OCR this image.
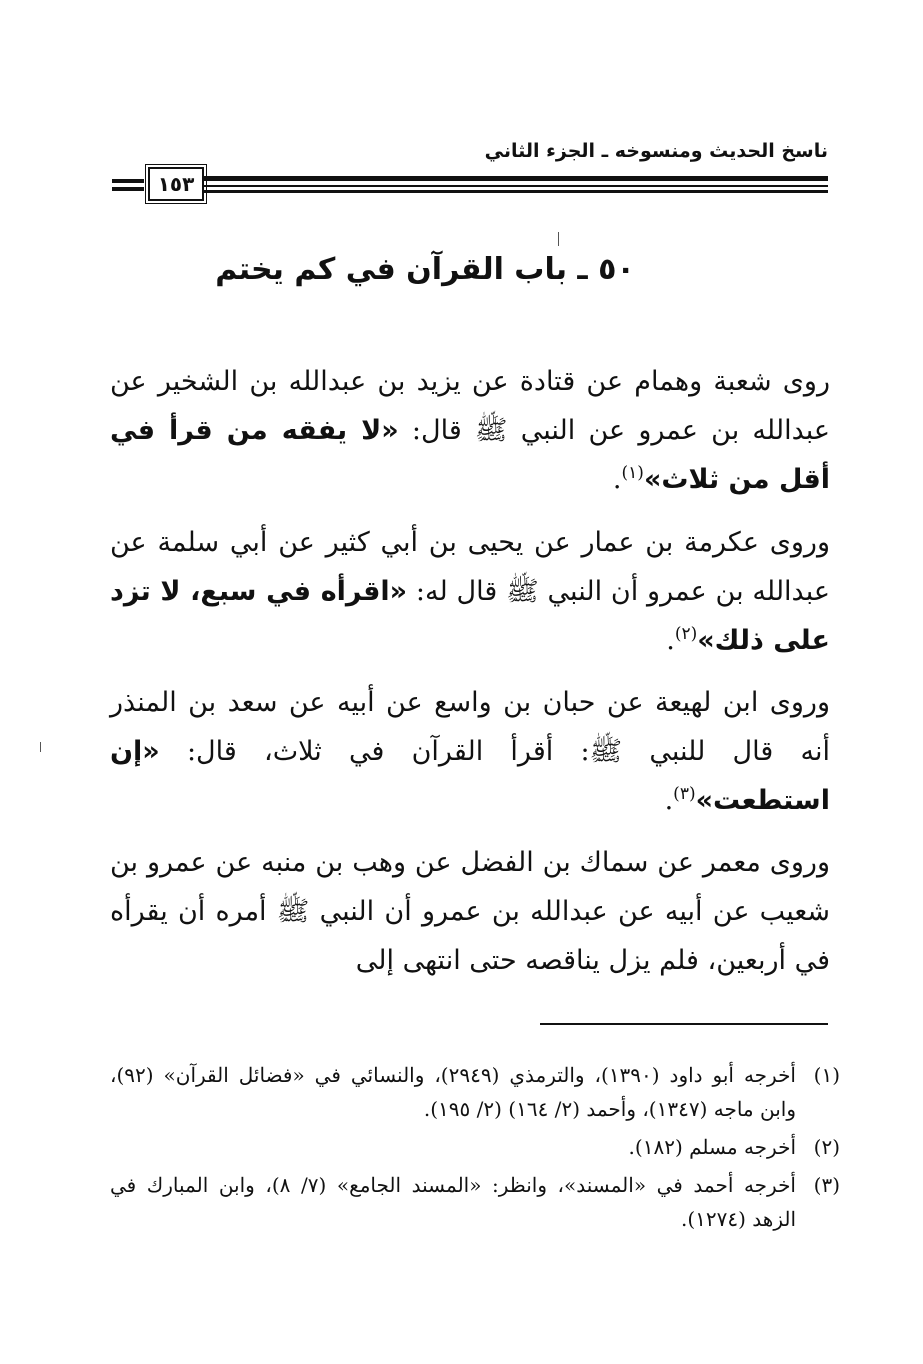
ناسخ الحديث ومنسوخه ـ الجزء الثاني
١٥٣
٥٠ ـ باب القرآن في كم يختم
روى شعبة وهمام عن قتادة عن يزيد بن عبدالله بن الشخير عن عبدالله بن عمرو عن النبي ﷺ قال: «لا يفقه من قرأ في أقل من ثلاث»$^{(١)}$.
وروى عكرمة بن عمار عن يحيى بن أبي كثير عن أبي سلمة عن عبدالله بن عمرو أن النبي ﷺ قال له: «اقرأه في سبع، لا تزد على ذلك»$^{(٢)}$.
وروى ابن لهيعة عن حبان بن واسع عن أبيه عن سعد بن المنذر أنه قال للنبي ﷺ: أقرأ القرآن في ثلاث، قال: «إن استطعت»$^{(٣)}$.
وروى معمر عن سماك بن الفضل عن وهب بن منبه عن عمرو بن شعيب عن أبيه عن عبدالله بن عمرو أن النبي ﷺ أمره أن يقرأه في أربعين، فلم يزل يناقصه حتى انتهى إلى
(١)
أخرجه أبو داود (١٣٩٠)، والترمذي (٢٩٤٩)، والنسائي في «فضائل القرآن» (٩٢)، وابن ماجه (١٣٤٧)، وأحمد (٢/ ١٦٤) (٢/ ١٩٥).
(٢)
أخرجه مسلم (١٨٢).
(٣)
أخرجه أحمد في «المسند»، وانظر: «المسند الجامع» (٧/ ٨)، وابن المبارك في الزهد (١٢٧٤).
